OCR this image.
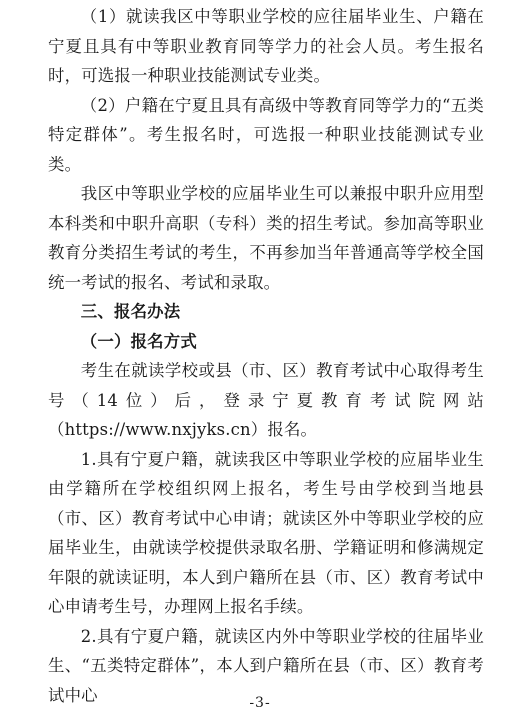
（1）就读我区中等职业学校的应往届毕业生、户籍在宁夏且具有中等职业教育同等学力的社会人员。考生报名时，可选报一种职业技能测试专业类。

（2）户籍在宁夏且具有高级中等教育同等学力的“五类特定群体”。考生报名时，可选报一种职业技能测试专业类。

我区中等职业学校的应届毕业生可以兼报中职升应用型本科类和中职升高职（专科）类的招生考试。参加高等职业教育分类招生考试的考生，不再参加当年普通高等学校全国统一考试的报名、考试和录取。

三、报名办法
（一）报名方式

考生在就读学校或县（市、区）教育考试中心取得考生号（14位）后，登录宁夏教育考试院网站（https://www.nxjyks.cn）报名。

1.具有宁夏户籍，就读我区中等职业学校的应届毕业生由学籍所在学校组织网上报名，考生号由学校到当地县（市、区）教育考试中心申请；就读区外中等职业学校的应届毕业生，由就读学校提供录取名册、学籍证明和修满规定年限的就读证明，本人到户籍所在县（市、区）教育考试中心申请考生号，办理网上报名手续。

2.具有宁夏户籍，就读区内外中等职业学校的往届毕业生、“五类特定群体”，本人到户籍所在县（市、区）教育考试中心	-3-
